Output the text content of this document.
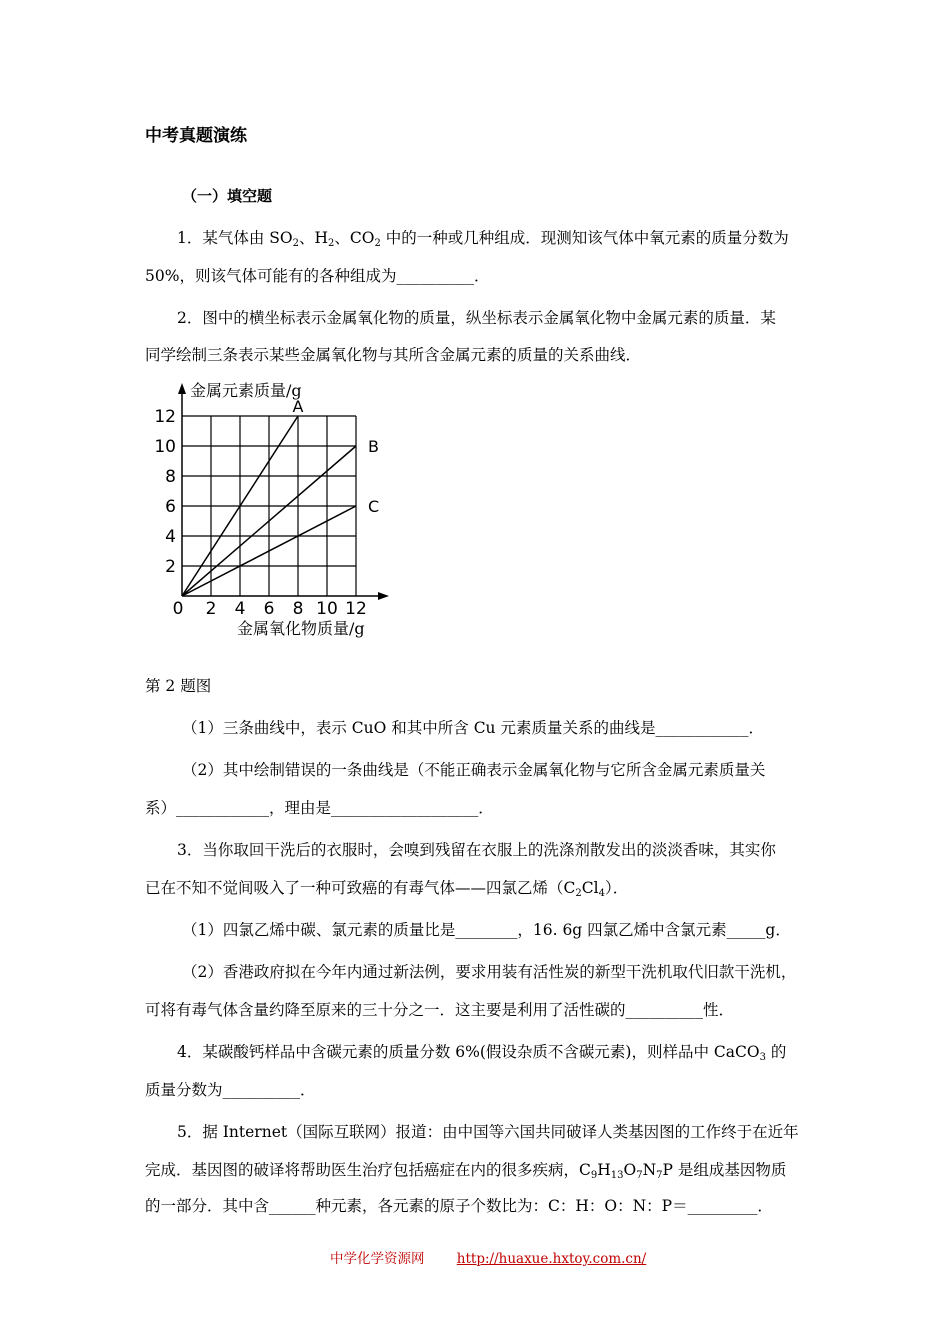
中考真题演练
（一）填空题
1．某气体由 $SO_2$、$H_2$、$CO_2$ 中的一种或几种组成．现测知该气体中氧元素的质量分数为
50%，则该气体可能有的各种组成为__________．
2．图中的横坐标表示金属氧化物的质量，纵坐标表示金属氧化物中金属元素的质量．某
同学绘制三条表示某些金属氧化物与其所含金属元素的质量的关系曲线．
2
4
6
8
10
12
0 2 4 6 8 10 12
金属元素质量/g
金属氧化物质量/g
A
B
C
第 2 题图
（1）三条曲线中，表示 CuO 和其中所含 Cu 元素质量关系的曲线是____________．
（2）其中绘制错误的一条曲线是（不能正确表示金属氧化物与它所含金属元素质量关
系）____________，理由是___________________．
3．当你取回干洗后的衣服时，会嗅到残留在衣服上的洗涤剂散发出的淡淡香味，其实你
已在不知不觉间吸入了一种可致癌的有毒气体——四氯乙烯$(C_2Cl_4)$．
（1）四氯乙烯中碳、氯元素的质量比是________，16. 6g 四氯乙烯中含氯元素_____g．
（2）香港政府拟在今年内通过新法例，要求用装有活性炭的新型干洗机取代旧款干洗机，
可将有毒气体含量约降至原来的三十分之一．这主要是利用了活性碳的__________性．
4．某碳酸钙样品中含碳元素的质量分数 6%(假设杂质不含碳元素)，则样品中 CaCO$_3$ 的
质量分数为__________．
5．据 Internet（国际互联网）报道：由中国等六国共同破译人类基因图的工作终于在近年
完成．基因图的破译将帮助医生治疗包括癌症在内的很多疾病，$C_9H_{13}O_7N_7P$ 是组成基因物质
的一部分．其中含______种元素，各元素的原子个数比为：C：H：O：N：P＝_________．
中学化学资源网 http://huaxue.hxtoy.com.cn/
